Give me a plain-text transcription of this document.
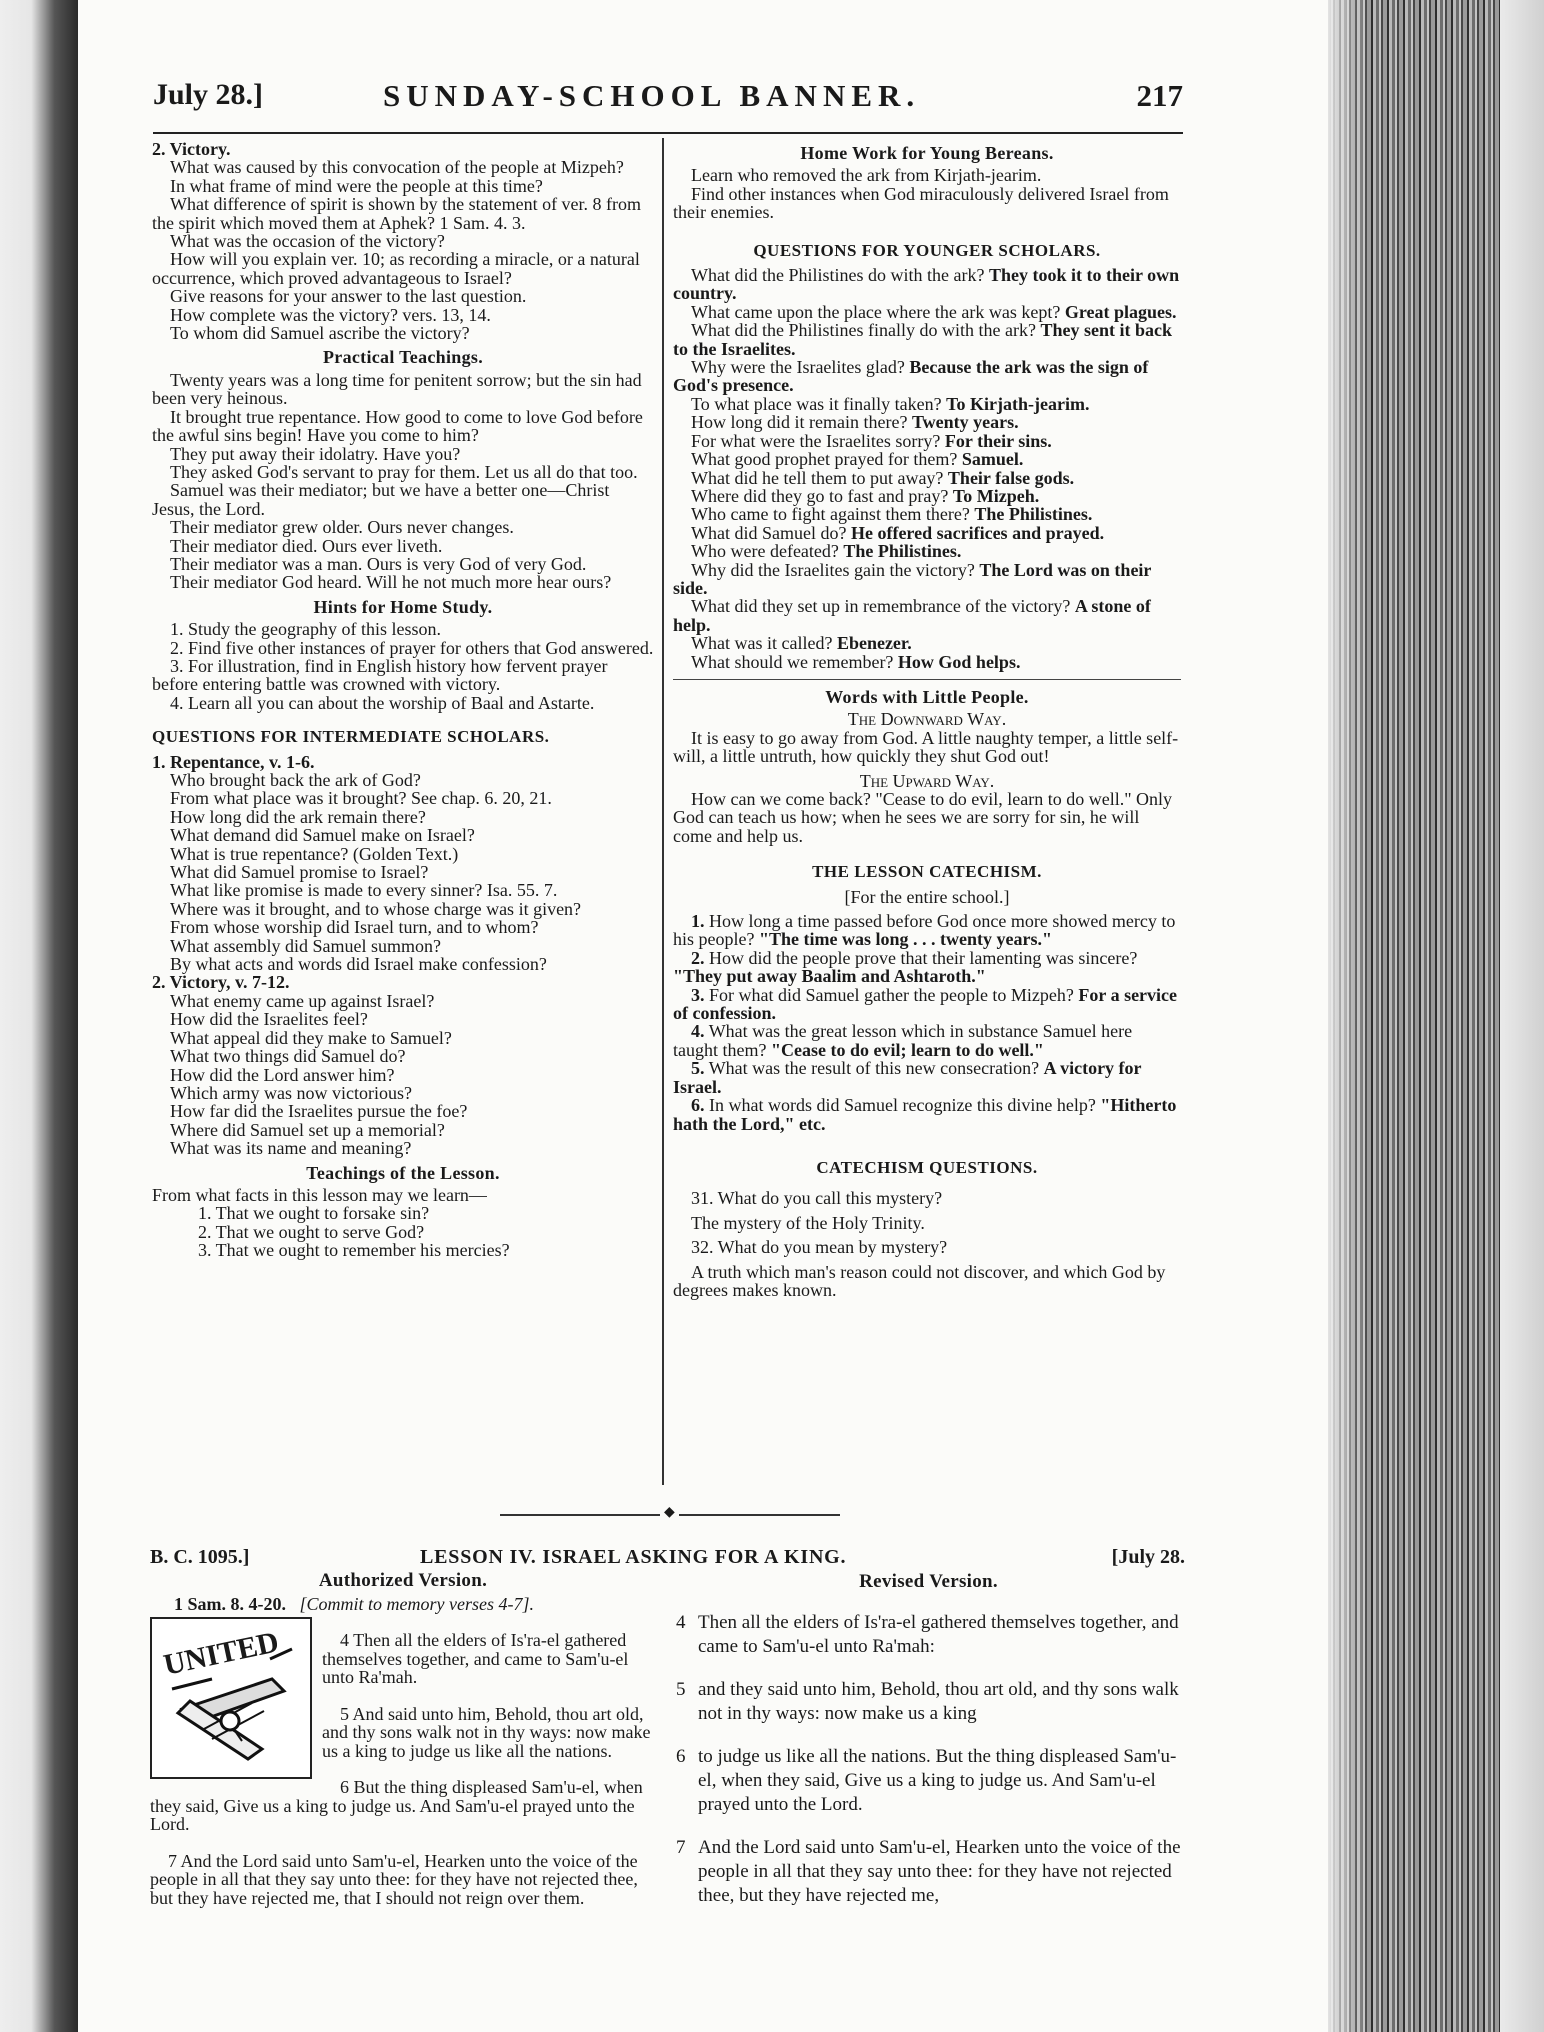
July 28.]	SUNDAY-SCHOOL BANNER.	217

2. Victory.

What was caused by this convocation of the people at Mizpeh?

In what frame of mind were the people at this time?

What difference of spirit is shown by the statement of ver. 8 from the spirit which moved them at Aphek? 1 Sam. 4. 3.

What was the occasion of the victory?

How will you explain ver. 10; as recording a miracle, or a natural occurrence, which proved advantageous to Israel?

Give reasons for your answer to the last question.

How complete was the victory? vers. 13, 14.

To whom did Samuel ascribe the victory?

Practical Teachings.

Twenty years was a long time for penitent sorrow; but the sin had been very heinous.

It brought true repentance. How good to come to love God before the awful sins begin! Have you come to him?

They put away their idolatry. Have you?

They asked God's servant to pray for them. Let us all do that too.

Samuel was their mediator; but we have a better one—Christ Jesus, the Lord.

Their mediator grew older. Ours never changes.

Their mediator died. Ours ever liveth.

Their mediator was a man. Ours is very God of very God.

Their mediator God heard. Will he not much more hear ours?

Hints for Home Study.

1. Study the geography of this lesson.

2. Find five other instances of prayer for others that God answered.

3. For illustration, find in English history how fervent prayer before entering battle was crowned with victory.

4. Learn all you can about the worship of Baal and Astarte.

QUESTIONS FOR INTERMEDIATE SCHOLARS.

1. Repentance, v. 1-6.

Who brought back the ark of God?

From what place was it brought? See chap. 6. 20, 21.

How long did the ark remain there?

What demand did Samuel make on Israel?

What is true repentance? (Golden Text.)

What did Samuel promise to Israel?

What like promise is made to every sinner? Isa. 55. 7.

Where was it brought, and to whose charge was it given?

From whose worship did Israel turn, and to whom?

What assembly did Samuel summon?

By what acts and words did Israel make confession?

2. Victory, v. 7-12.

What enemy came up against Israel?

How did the Israelites feel?

What appeal did they make to Samuel?

What two things did Samuel do?

How did the Lord answer him?

Which army was now victorious?

How far did the Israelites pursue the foe?

Where did Samuel set up a memorial?

What was its name and meaning?

Teachings of the Lesson.

From what facts in this lesson may we learn—

1. That we ought to forsake sin?

2. That we ought to serve God?

3. That we ought to remember his mercies?

Home Work for Young Bereans.

Learn who removed the ark from Kirjath-jearim.

Find other instances when God miraculously delivered Israel from their enemies.

QUESTIONS FOR YOUNGER SCHOLARS.

What did the Philistines do with the ark? They took it to their own country.

What came upon the place where the ark was kept? Great plagues.

What did the Philistines finally do with the ark? They sent it back to the Israelites.

Why were the Israelites glad? Because the ark was the sign of God's presence.

To what place was it finally taken? To Kirjath-jearim.

How long did it remain there? Twenty years.

For what were the Israelites sorry? For their sins.

What good prophet prayed for them? Samuel.

What did he tell them to put away? Their false gods.

Where did they go to fast and pray? To Mizpeh.

Who came to fight against them there? The Philistines.

What did Samuel do? He offered sacrifices and prayed.

Who were defeated? The Philistines.

Why did the Israelites gain the victory? The Lord was on their side.

What did they set up in remembrance of the victory? A stone of help.

What was it called? Ebenezer.

What should we remember? How God helps.

Words with Little People.

The Downward Way.

It is easy to go away from God. A little naughty temper, a little self-will, a little untruth, how quickly they shut God out!

The Upward Way.

How can we come back? "Cease to do evil, learn to do well." Only God can teach us how; when he sees we are sorry for sin, he will come and help us.

THE LESSON CATECHISM.

[For the entire school.]

1. How long a time passed before God once more showed mercy to his people? "The time was long . . . twenty years."

2. How did the people prove that their lamenting was sincere? "They put away Baalim and Ashtaroth."

3. For what did Samuel gather the people to Mizpeh? For a service of confession.

4. What was the great lesson which in substance Samuel here taught them? "Cease to do evil; learn to do well."

5. What was the result of this new consecration? A victory for Israel.

6. In what words did Samuel recognize this divine help? "Hitherto hath the Lord," etc.

CATECHISM QUESTIONS.

31. What do you call this mystery?

The mystery of the Holy Trinity.

32. What do you mean by mystery?

A truth which man's reason could not discover, and which God by degrees makes known.

◆
B. C. 1095.]	LESSON IV. ISRAEL ASKING FOR A KING.	[July 28.

Authorized Version.

1 Sam. 8. 4-20. [Commit to memory verses 4-7].

UNITED	4 Then all the elders of Is'ra-el gathered themselves together, and came to Sam'u-el unto Ra'mah.

5 And said unto him, Behold, thou art old, and thy sons walk not in thy ways: now make us a king to judge us like all the nations.

6 But the thing displeased Sam'u-el, when they said, Give us a king to judge us. And Sam'u-el prayed unto the Lord.

7 And the Lord said unto Sam'u-el, Hearken unto the voice of the people in all that they say unto thee: for they have not rejected thee, but they have rejected me, that I should not reign over them.

Revised Version.

4 Then all the elders of Is'ra-el gathered themselves together, and came to Sam'u-el unto Ra'mah:

5 and they said unto him, Behold, thou art old, and thy sons walk not in thy ways: now make us a king

6 to judge us like all the nations. But the thing displeased Sam'u-el, when they said, Give us a king to judge us. And Sam'u-el prayed unto the Lord.

7 And the Lord said unto Sam'u-el, Hearken unto the voice of the people in all that they say unto thee: for they have not rejected thee, but they have rejected me,
